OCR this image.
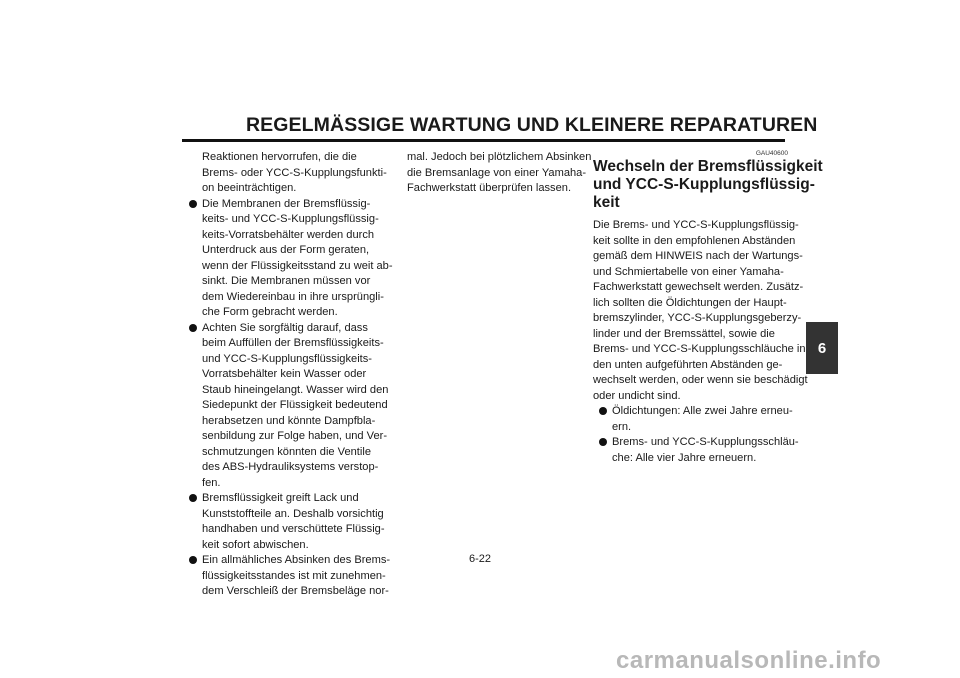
REGELMÄSSIGE WARTUNG UND KLEINERE REPARATUREN
Reaktionen hervorrufen, die die
Brems- oder YCC-S-Kupplungsfunkti-
on beeinträchtigen.
Die Membranen der Bremsflüssig-
keits- und YCC-S-Kupplungsflüssig-
keits-Vorratsbehälter werden durch
Unterdruck aus der Form geraten,
wenn der Flüssigkeitsstand zu weit ab-
sinkt. Die Membranen müssen vor
dem Wiedereinbau in ihre ursprüngli-
che Form gebracht werden.
Achten Sie sorgfältig darauf, dass
beim Auffüllen der Bremsflüssigkeits-
und YCC-S-Kupplungsflüssigkeits-
Vorratsbehälter kein Wasser oder
Staub hineingelangt. Wasser wird den
Siedepunkt der Flüssigkeit bedeutend
herabsetzen und könnte Dampfbla-
senbildung zur Folge haben, und Ver-
schmutzungen könnten die Ventile
des ABS-Hydrauliksystems verstop-
fen.
Bremsflüssigkeit greift Lack und
Kunststoffteile an. Deshalb vorsichtig
handhaben und verschüttete Flüssig-
keit sofort abwischen.
Ein allmähliches Absinken des Brems-
flüssigkeitsstandes ist mit zunehmen-
dem Verschleiß der Bremsbeläge nor-
mal. Jedoch bei plötzlichem Absinken
die Bremsanlage von einer Yamaha-
Fachwerkstatt überprüfen lassen.
GAU40600
Wechseln der Bremsflüssigkeit
und YCC-S-Kupplungsflüssig-
keit
Die Brems- und YCC-S-Kupplungsflüssig-
keit sollte in den empfohlenen Abständen
gemäß dem HINWEIS nach der Wartungs-
und Schmiertabelle von einer Yamaha-
Fachwerkstatt gewechselt werden. Zusätz-
lich sollten die Öldichtungen der Haupt-
bremszylinder, YCC-S-Kupplungsgeberzy-
linder und der Bremssättel, sowie die
Brems- und YCC-S-Kupplungsschläuche in
den unten aufgeführten Abständen ge-
wechselt werden, oder wenn sie beschädigt
oder undicht sind.
Öldichtungen: Alle zwei Jahre erneu-
ern.
Brems- und YCC-S-Kupplungsschläu-
che: Alle vier Jahre erneuern.
6
6-22
carmanualsonline.info
